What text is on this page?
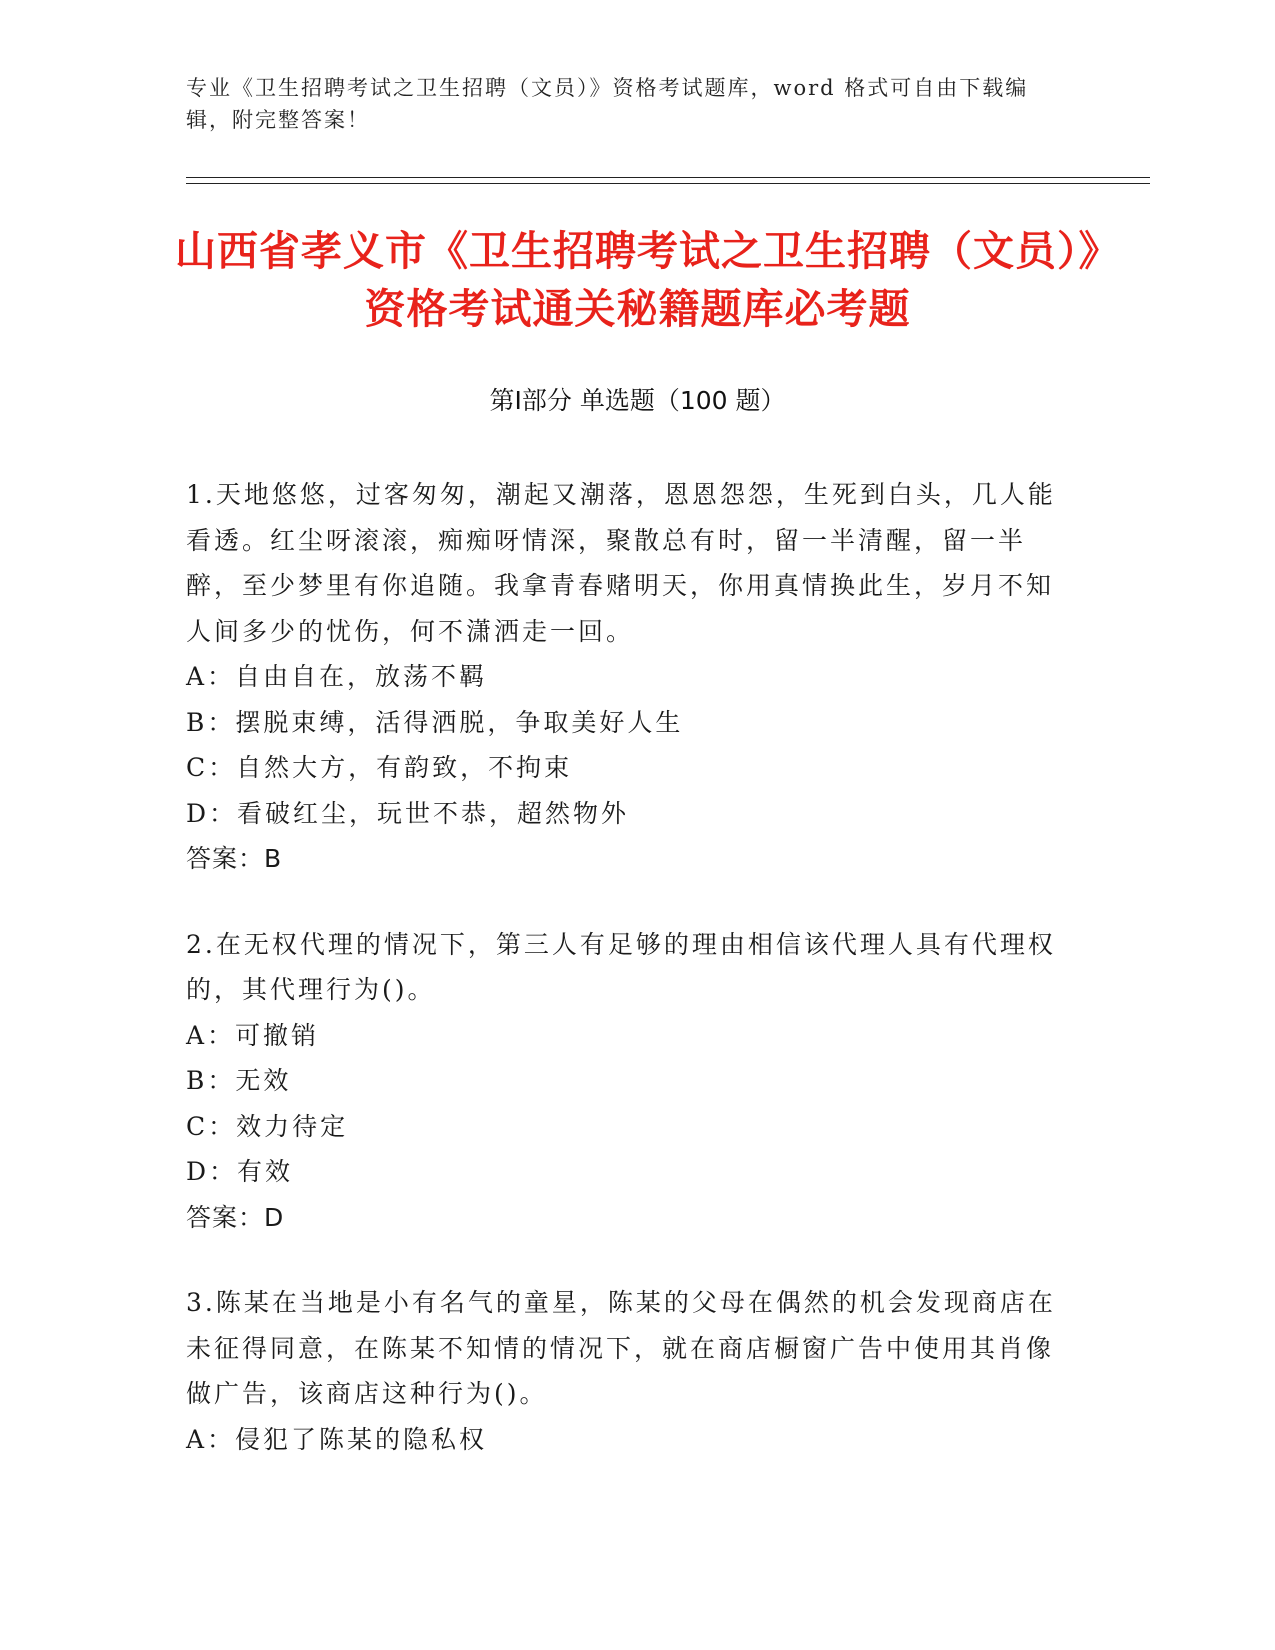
专业《卫生招聘考试之卫生招聘（文员）》资格考试题库，word 格式可自由下载编辑，附完整答案！
山西省孝义市《卫生招聘考试之卫生招聘（文员）》资格考试通关秘籍题库必考题
第Ⅰ部分 单选题（100 题）

1.天地悠悠，过客匆匆，潮起又潮落，恩恩怨怨，生死到白头，几人能看透。红尘呀滚滚，痴痴呀情深，聚散总有时，留一半清醒，留一半醉，至少梦里有你追随。我拿青春赌明天，你用真情换此生，岁月不知人间多少的忧伤，何不潇洒走一回。

A：自由自在，放荡不羁

B：摆脱束缚，活得洒脱，争取美好人生

C：自然大方，有韵致，不拘束

D：看破红尘，玩世不恭，超然物外

答案：B

2.在无权代理的情况下，第三人有足够的理由相信该代理人具有代理权的，其代理行为()。

A：可撤销

B：无效

C：效力待定

D：有效

答案：D

3.陈某在当地是小有名气的童星，陈某的父母在偶然的机会发现商店在未征得同意，在陈某不知情的情况下，就在商店橱窗广告中使用其肖像做广告，该商店这种行为()。

A：侵犯了陈某的隐私权
